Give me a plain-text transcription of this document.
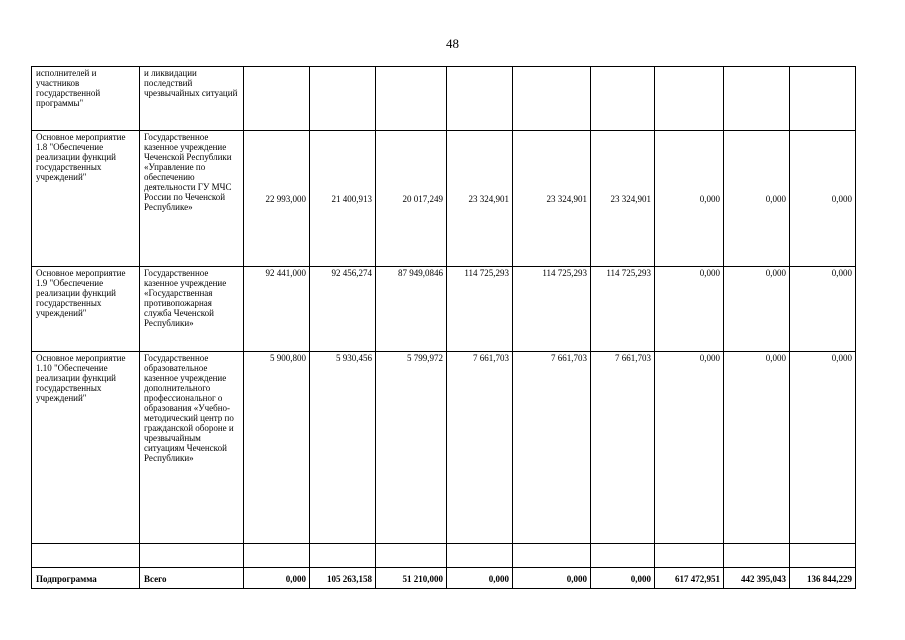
48
исполнителей и участников государственной программы"	и ликвидации последствий чрезвычайных ситуаций									
Основное мероприятие 1.8 "Обеспечение реализации функций государственных учреждений"	Государственное казенное учреждение Чеченской Республики «Управление по обеспечению деятельности ГУ МЧС России по Чеченской Республике»	22 993,000	21 400,913	20 017,249	23 324,901	23 324,901	23 324,901	0,000	0,000	0,000
Основное мероприятие 1.9 "Обеспечение реализации функций государственных учреждений"	Государственное казенное учреждение «Государственная противопожарная служба Чеченской Республики»	92 441,000	92 456,274	87 949,0846	114 725,293	114 725,293	114 725,293	0,000	0,000	0,000
Основное мероприятие 1.10 "Обеспечение реализации функций государственных учреждений"	Государственное образовательное казенное учреждение дополнительного профессиональног о образования «Учебно-методический центр по гражданской обороне и чрезвычайным ситуациям Чеченской Республики»	5 900,800	5 930,456	5 799,972	7 661,703	7 661,703	7 661,703	0,000	0,000	0,000

Подпрограмма	Всего	0,000	105 263,158	51 210,000	0,000	0,000	0,000	617 472,951	442 395,043	136 844,229
